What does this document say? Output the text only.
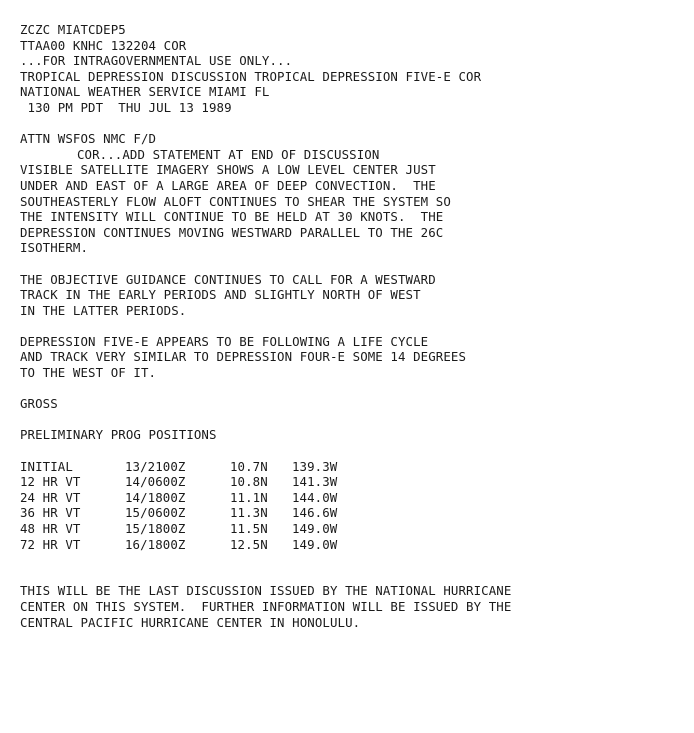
ZCZC MIATCDEP5
TTAA00 KNHC 132204 COR
...FOR INTRAGOVERNMENTAL USE ONLY...
TROPICAL DEPRESSION DISCUSSION TROPICAL DEPRESSION FIVE-E COR
NATIONAL WEATHER SERVICE MIAMI FL
130 PM PDT  THU JUL 13 1989
ATTN WSFOS NMC F/D
COR...ADD STATEMENT AT END OF DISCUSSION
VISIBLE SATELLITE IMAGERY SHOWS A LOW LEVEL CENTER JUST
UNDER AND EAST OF A LARGE AREA OF DEEP CONVECTION.  THE
SOUTHEASTERLY FLOW ALOFT CONTINUES TO SHEAR THE SYSTEM SO
THE INTENSITY WILL CONTINUE TO BE HELD AT 30 KNOTS.  THE
DEPRESSION CONTINUES MOVING WESTWARD PARALLEL TO THE 26C
ISOTHERM.
THE OBJECTIVE GUIDANCE CONTINUES TO CALL FOR A WESTWARD
TRACK IN THE EARLY PERIODS AND SLIGHTLY NORTH OF WEST
IN THE LATTER PERIODS.
DEPRESSION FIVE-E APPEARS TO BE FOLLOWING A LIFE CYCLE
AND TRACK VERY SIMILAR TO DEPRESSION FOUR-E SOME 14 DEGREES
TO THE WEST OF IT.
GROSS
PRELIMINARY PROG POSITIONS
INITIAL	13/2100Z	10.7N	139.3W
12 HR VT	14/0600Z	10.8N	141.3W
24 HR VT	14/1800Z	11.1N	144.0W
36 HR VT	15/0600Z	11.3N	146.6W
48 HR VT	15/1800Z	11.5N	149.0W
72 HR VT	16/1800Z	12.5N	149.0W
THIS WILL BE THE LAST DISCUSSION ISSUED BY THE NATIONAL HURRICANE
CENTER ON THIS SYSTEM.  FURTHER INFORMATION WILL BE ISSUED BY THE
CENTRAL PACIFIC HURRICANE CENTER IN HONOLULU.
